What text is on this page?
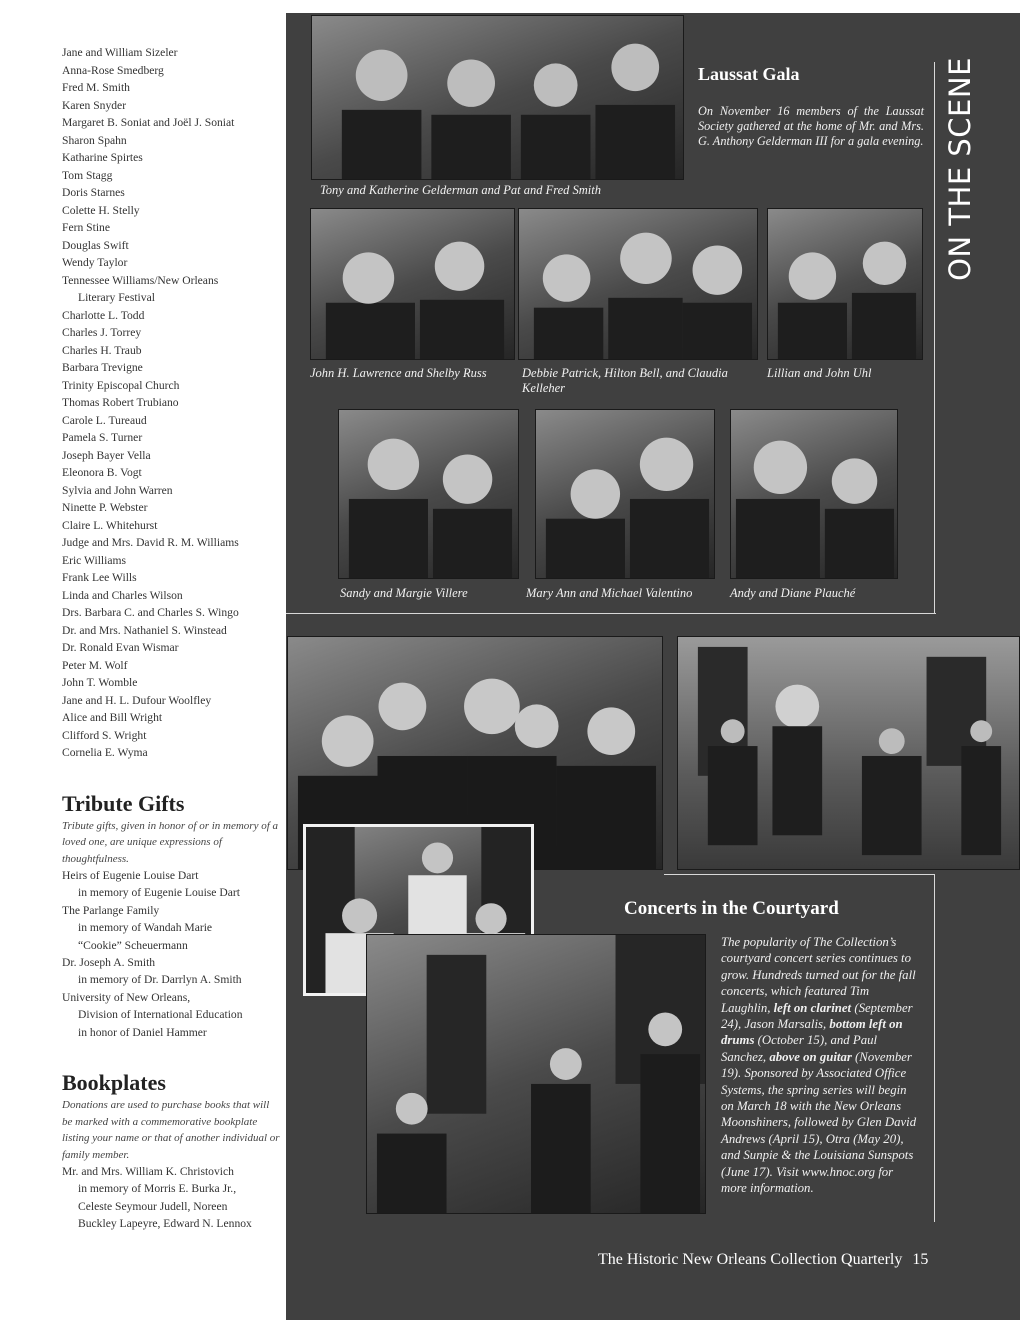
Jane and William Sizeler
Anna-Rose Smedberg
Fred M. Smith
Karen Snyder
Margaret B. Soniat and Joël J. Soniat
Sharon Spahn
Katharine Spirtes
Tom Stagg
Doris Starnes
Colette H. Stelly
Fern Stine
Douglas Swift
Wendy Taylor
Tennessee Williams/New Orleans
Literary Festival
Charlotte L. Todd
Charles J. Torrey
Charles H. Traub
Barbara Trevigne
Trinity Episcopal Church
Thomas Robert Trubiano
Carole L. Tureaud
Pamela S. Turner
Joseph Bayer Vella
Eleonora B. Vogt
Sylvia and John Warren
Ninette P. Webster
Claire L. Whitehurst
Judge and Mrs. David R. M. Williams
Eric Williams
Frank Lee Wills
Linda and Charles Wilson
Drs. Barbara C. and Charles S. Wingo
Dr. and Mrs. Nathaniel S. Winstead
Dr. Ronald Evan Wismar
Peter M. Wolf
John T. Womble
Jane and H. L. Dufour Woolfley
Alice and Bill Wright
Clifford S. Wright
Cornelia E. Wyma
Tribute Gifts

Tribute gifts, given in honor of or in memory of a loved one, are unique expressions of thoughtfulness.

Heirs of Eugenie Louise Dart
in memory of Eugenie Louise Dart
The Parlange Family
in memory of Wandah Marie
“Cookie” Scheuermann
Dr. Joseph A. Smith
in memory of Dr. Darrlyn A. Smith
University of New Orleans,
Division of International Education
in honor of Daniel Hammer
Bookplates

Donations are used to purchase books that will be marked with a commemorative bookplate listing your name or that of another individual or family member.

Mr. and Mrs. William K. Christovich
in memory of Morris E. Burka Jr.,
Celeste Seymour Judell, Noreen
Buckley Lapeyre, Edward N. Lennox
Tony and Katherine Gelderman and Pat and Fred Smith
Laussat Gala
On November 16 members of the Laussat Society gathered at the home of Mr. and Mrs. G. Anthony Gelderman III for a gala evening.
John H. Lawrence and Shelby Russ	Debbie Patrick, Hilton Bell, and Claudia Kelleher
Lillian and John Uhl
Sandy and Margie Villere	Mary Ann and Michael Valentino	Andy and Diane Plauché
ON THE SCENE
Concerts in the Courtyard
The popularity of The Collection’s courtyard concert series continues to grow. Hundreds turned out for the fall concerts, which featured Tim Laughlin, left on clarinet (September 24), Jason Marsalis, bottom left on drums (October 15), and Paul Sanchez, above on guitar (November 19). Sponsored by Associated Office Systems, the spring series will begin on March 18 with the New Orleans Moonshiners, followed by Glen David Andrews (April 15), Otra (May 20), and Sunpie & the Louisiana Sunspots (June 17). Visit www.hnoc.org for more information.
The Historic New Orleans Collection Quarterly 15
